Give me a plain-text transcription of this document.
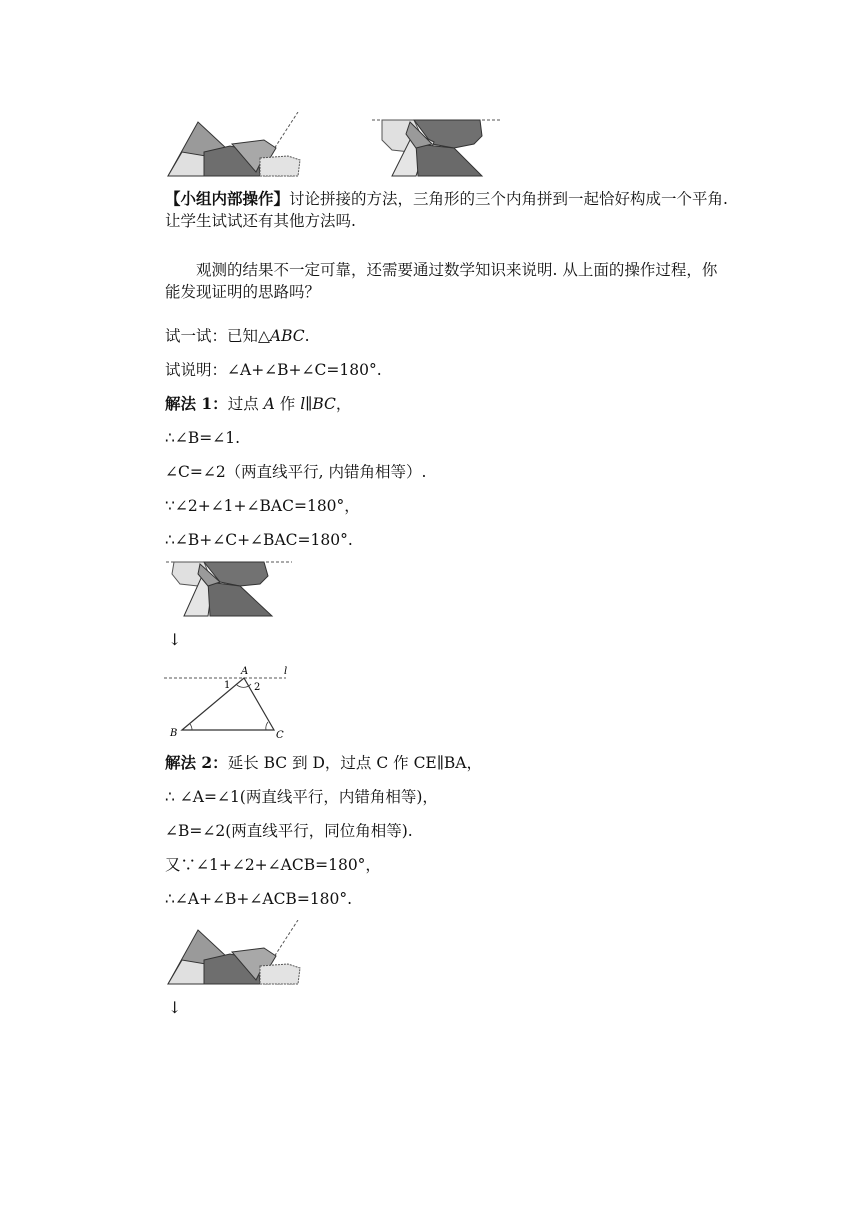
【小组内部操作】讨论拼接的方法，三角形的三个内角拼到一起恰好构成一个平角. 让学生试试还有其他方法吗.
观测的结果不一定可靠，还需要通过数学知识来说明. 从上面的操作过程，你能发现证明的思路吗？
试一试：已知△ABC.
试说明：∠A+∠B+∠C=180°.
解法 1：过点 A 作 l∥BC，
∴∠B=∠1.
∠C=∠2（两直线平行, 内错角相等）.
∵∠2+∠1+∠BAC=180°，
∴∠B+∠C+∠BAC=180°.
↓
A
B	C
l
1 2
解法 2：延长 BC 到 D，过点 C 作 CE∥BA，
∴ ∠A=∠1(两直线平行，内错角相等)，
∠B=∠2(两直线平行，同位角相等).
又∵∠1+∠2+∠ACB=180°，
∴∠A+∠B+∠ACB=180°.
↓
